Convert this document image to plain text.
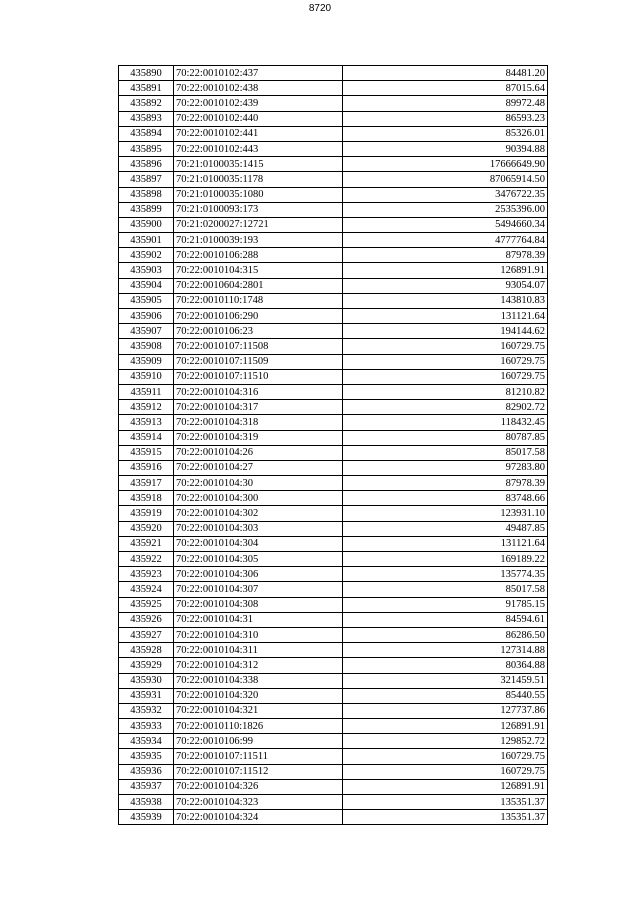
8720
435890	70:22:0010102:437	84481.20
435891	70:22:0010102:438	87015.64
435892	70:22:0010102:439	89972.48
435893	70:22:0010102:440	86593.23
435894	70:22:0010102:441	85326.01
435895	70:22:0010102:443	90394.88
435896	70:21:0100035:1415	17666649.90
435897	70:21:0100035:1178	87065914.50
435898	70:21:0100035:1080	3476722.35
435899	70:21:0100093:173	2535396.00
435900	70:21:0200027:12721	5494660.34
435901	70:21:0100039:193	4777764.84
435902	70:22:0010106:288	87978.39
435903	70:22:0010104:315	126891.91
435904	70:22:0010604:2801	93054.07
435905	70:22:0010110:1748	143810.83
435906	70:22:0010106:290	131121.64
435907	70:22:0010106:23	194144.62
435908	70:22:0010107:11508	160729.75
435909	70:22:0010107:11509	160729.75
435910	70:22:0010107:11510	160729.75
435911	70:22:0010104:316	81210.82
435912	70:22:0010104:317	82902.72
435913	70:22:0010104:318	118432.45
435914	70:22:0010104:319	80787.85
435915	70:22:0010104:26	85017.58
435916	70:22:0010104:27	97283.80
435917	70:22:0010104:30	87978.39
435918	70:22:0010104:300	83748.66
435919	70:22:0010104:302	123931.10
435920	70:22:0010104:303	49487.85
435921	70:22:0010104:304	131121.64
435922	70:22:0010104:305	169189.22
435923	70:22:0010104:306	135774.35
435924	70:22:0010104:307	85017.58
435925	70:22:0010104:308	91785.15
435926	70:22:0010104:31	84594.61
435927	70:22:0010104:310	86286.50
435928	70:22:0010104:311	127314.88
435929	70:22:0010104:312	80364.88
435930	70:22:0010104:338	321459.51
435931	70:22:0010104:320	85440.55
435932	70:22:0010104:321	127737.86
435933	70:22:0010110:1826	126891.91
435934	70:22:0010106:99	129852.72
435935	70:22:0010107:11511	160729.75
435936	70:22:0010107:11512	160729.75
435937	70:22:0010104:326	126891.91
435938	70:22:0010104:323	135351.37
435939	70:22:0010104:324	135351.37
